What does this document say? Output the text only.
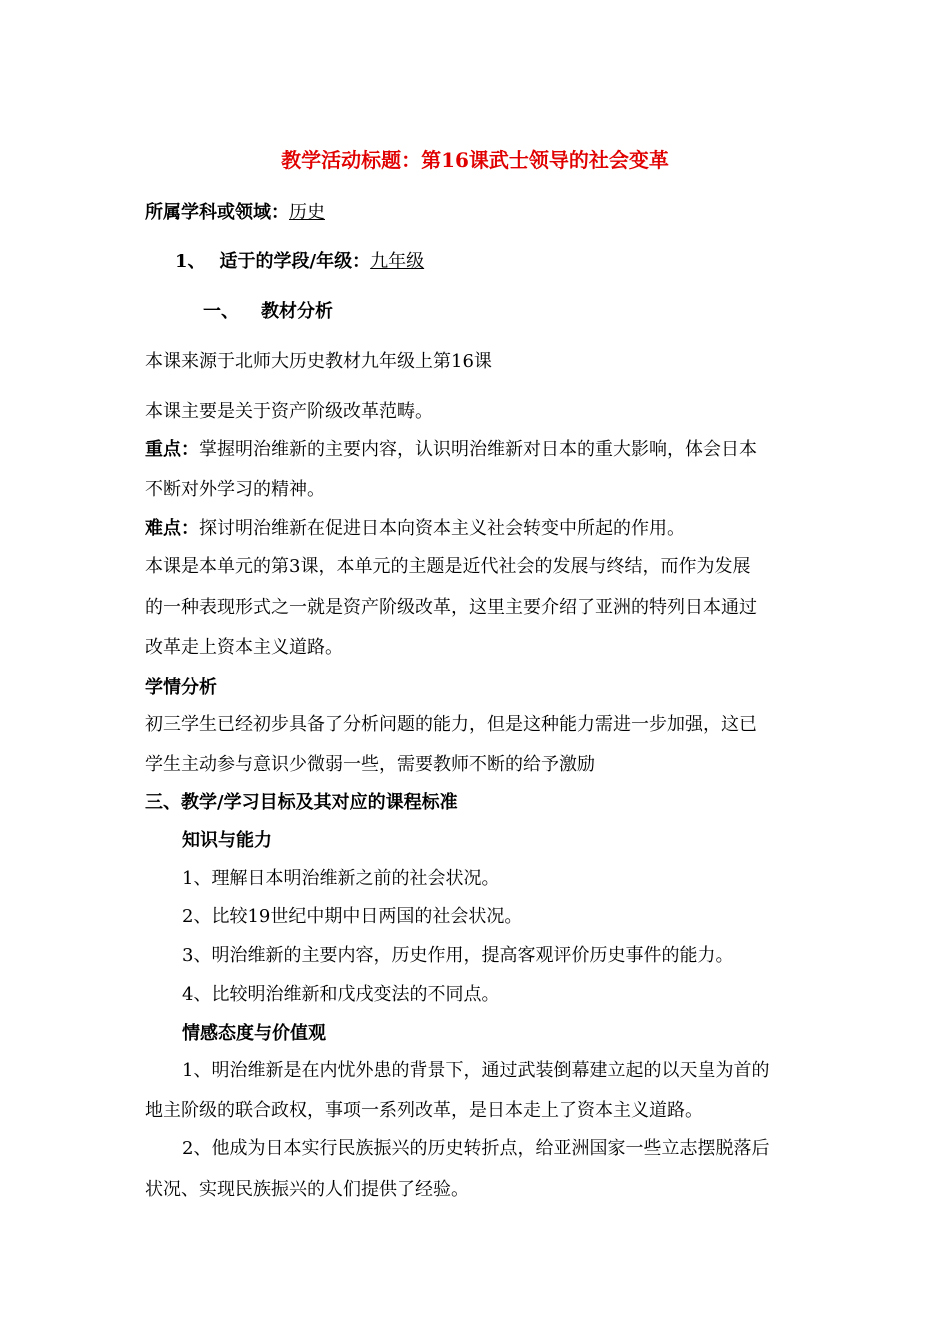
教学活动标题：第16课武士领导的社会变革
所属学科或领域：历史
1、 适于的学段/年级：九年级
一、 教材分析
本课来源于北师大历史教材九年级上第16课
本课主要是关于资产阶级改革范畴。
重点：掌握明治维新的主要内容，认识明治维新对日本的重大影响，体会日本
不断对外学习的精神。
难点：探讨明治维新在促进日本向资本主义社会转变中所起的作用。
本课是本单元的第3课，本单元的主题是近代社会的发展与终结，而作为发展
的一种表现形式之一就是资产阶级改革，这里主要介绍了亚洲的特列日本通过
改革走上资本主义道路。
学情分析
初三学生已经初步具备了分析问题的能力，但是这种能力需进一步加强，这已
学生主动参与意识少微弱一些，需要教师不断的给予激励
三、教学/学习目标及其对应的课程标准
知识与能力
1、理解日本明治维新之前的社会状况。
2、比较19世纪中期中日两国的社会状况。
3、明治维新的主要内容，历史作用，提高客观评价历史事件的能力。
4、比较明治维新和戊戌变法的不同点。
情感态度与价值观
1、明治维新是在内忧外患的背景下，通过武装倒幕建立起的以天皇为首的
地主阶级的联合政权，事项一系列改革，是日本走上了资本主义道路。
2、他成为日本实行民族振兴的历史转折点，给亚洲国家一些立志摆脱落后
状况、实现民族振兴的人们提供了经验。
